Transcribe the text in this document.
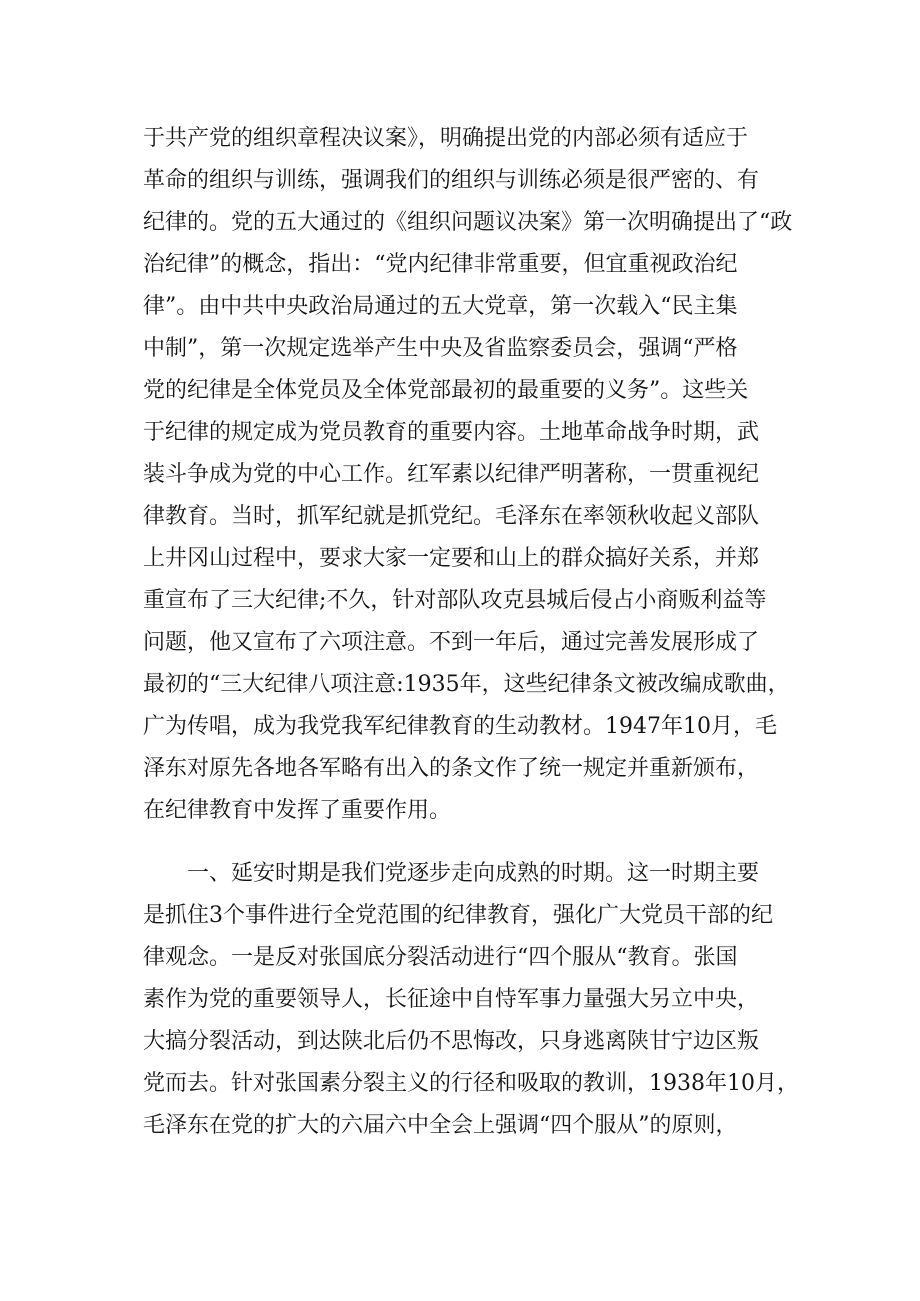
于共产党的组织章程决议案》，明确提出党的内部必须有适应于
革命的组织与训练，强调我们的组织与训练必须是很严密的、有
纪律的。党的五大通过的《组织问题议决案》第一次明确提出了“政
治纪律”的概念，指出：“党内纪律非常重要，但宜重视政治纪
律”。由中共中央政治局通过的五大党章，第一次载入“民主集
中制”，第一次规定选举产生中央及省监察委员会，强调“严格
党的纪律是全体党员及全体党部最初的最重要的义务”。这些关
于纪律的规定成为党员教育的重要内容。土地革命战争时期，武
装斗争成为党的中心工作。红军素以纪律严明著称，一贯重视纪
律教育。当时，抓军纪就是抓党纪。毛泽东在率领秋收起义部队
上井冈山过程中，要求大家一定要和山上的群众搞好关系，并郑
重宣布了三大纪律;不久，针对部队攻克县城后侵占小商贩利益等
问题，他又宣布了六项注意。不到一年后，通过完善发展形成了
最初的“三大纪律八项注意:1935年，这些纪律条文被改编成歌曲，
广为传唱，成为我党我军纪律教育的生动教材。1947年10月，毛
泽东对原先各地各军略有出入的条文作了统一规定并重新颁布，
在纪律教育中发挥了重要作用。
一、延安时期是我们党逐步走向成熟的时期。这一时期主要
是抓住3个事件进行全党范围的纪律教育，强化广大党员干部的纪
律观念。一是反对张国底分裂活动进行“四个服从“教育。张国
素作为党的重要领导人，长征途中自恃军事力量强大另立中央，
大搞分裂活动，到达陕北后仍不思悔改，只身逃离陕甘宁边区叛
党而去。针对张国素分裂主义的行径和吸取的教训，1938年10月，
毛泽东在党的扩大的六届六中全会上强调“四个服从”的原则，
